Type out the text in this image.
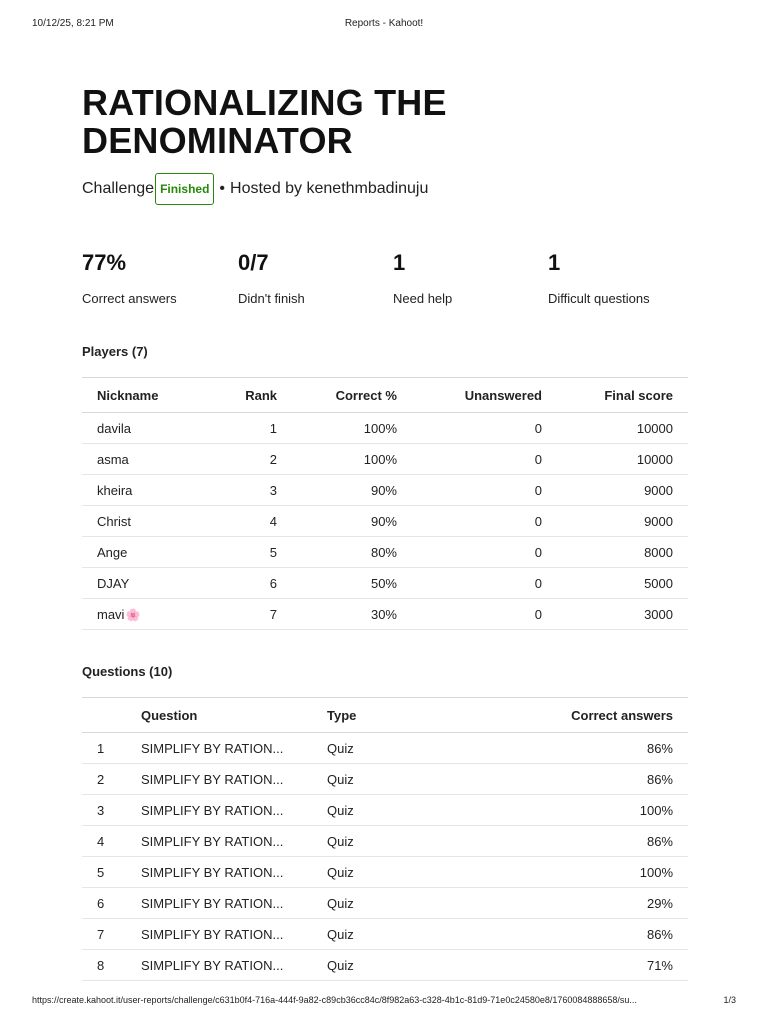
10/12/25, 8:21 PM	Reports - Kahoot!
RATIONALIZING THE DENOMINATOR
Challenge Finished • Hosted by kenethmbadinuju
77%
Correct answers
0/7
Didn't finish
1
Need help
1
Difficult questions
Players (7)
Nickname	Rank	Correct %	Unanswered	Final score
davila	1	100%	0	10000
asma	2	100%	0	10000
kheira	3	90%	0	9000
Christ	4	90%	0	9000
Ange	5	80%	0	8000
DJAY	6	50%	0	5000
mavi🌸	7	30%	0	3000
Questions (10)
	Question	Type	Correct answers
1	SIMPLIFY BY RATION...	Quiz	86%
2	SIMPLIFY BY RATION...	Quiz	86%
3	SIMPLIFY BY RATION...	Quiz	100%
4	SIMPLIFY BY RATION...	Quiz	86%
5	SIMPLIFY BY RATION...	Quiz	100%
6	SIMPLIFY BY RATION...	Quiz	29%
7	SIMPLIFY BY RATION...	Quiz	86%
8	SIMPLIFY BY RATION...	Quiz	71%
https://create.kahoot.it/user-reports/challenge/c631b0f4-716a-444f-9a82-c89cb36cc84c/8f982a63-c328-4b1c-81d9-71e0c24580e8/1760084888658/su...	1/3
